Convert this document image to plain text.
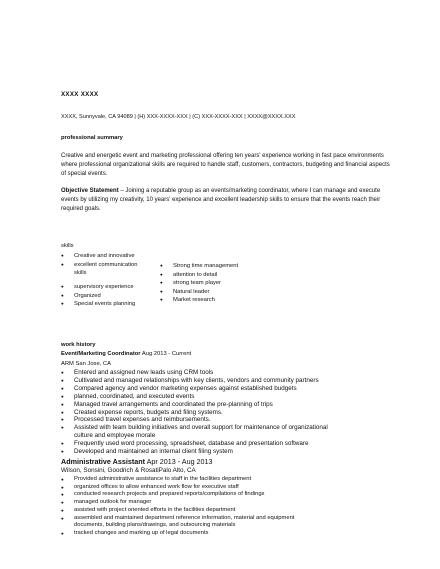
XXXX XXXX
XXXX, Sunnyvale, CA 94089 | (H) XXX-XXXX-XXX | (C) XXX-XXXX-XXX | XXXX@XXXX.XXX
professional summary
Creative and energetic event and marketing professional offering ten years' experience working in fast pace environments where professional organizational skills are required to handle staff, customers, contractors, budgeting and financial aspects of special events.
Objective Statement – Joining a reputable group as an events/marketing coordinator, where I can manage and execute events by utilizing my creativity, 10 years' experience and excellent leadership skills to ensure that the events reach their required goals.
skills
● Creative and innovative
● excellent communication
skills
● supervisory experience
● Organized
● Special events planning
● Strong time management
● attention to detail
● strong team player
● Natural leader
● Market research
work history
Event/Marketing Coordinator Aug 2013 - Current
ARM San Jose, CA
● Entered and assigned new leads using CRM tools
● Cultivated and managed relationships with key clients, vendors and community partners
● Compared agency and vendor marketing expenses against established budgets
● planned, coordinated, and executed events
● Managed travel arrangements and coordinated the pre-planning of trips
● Created expense reports, budgets and filing systems.
● Processed travel expenses and reimbursements.
● Assisted with team building initiatives and overall support for maintenance of organizational
culture and employee morale
● Frequently used word processing, spreadsheet, database and presentation software
● Developed and maintained an internal client filing system
Administrative Assistant Apr 2013 - Aug 2013
Wilson, Sonsini, Goodrich & RosatiPalo Alto, CA
● Provided administrative assistance to staff in the facilities department
● organized offices to allow enhanced work flow for executive staff
● conducted research projects and prepared reports/compilations of findings
● managed outlook for manager
● assisted with project oriented efforts in the facilities department
● assembled and maintained department reference information, material and equipment
documents, building plans/drawings, and outsourcing materials
● tracked changes and marking up of legal documents
